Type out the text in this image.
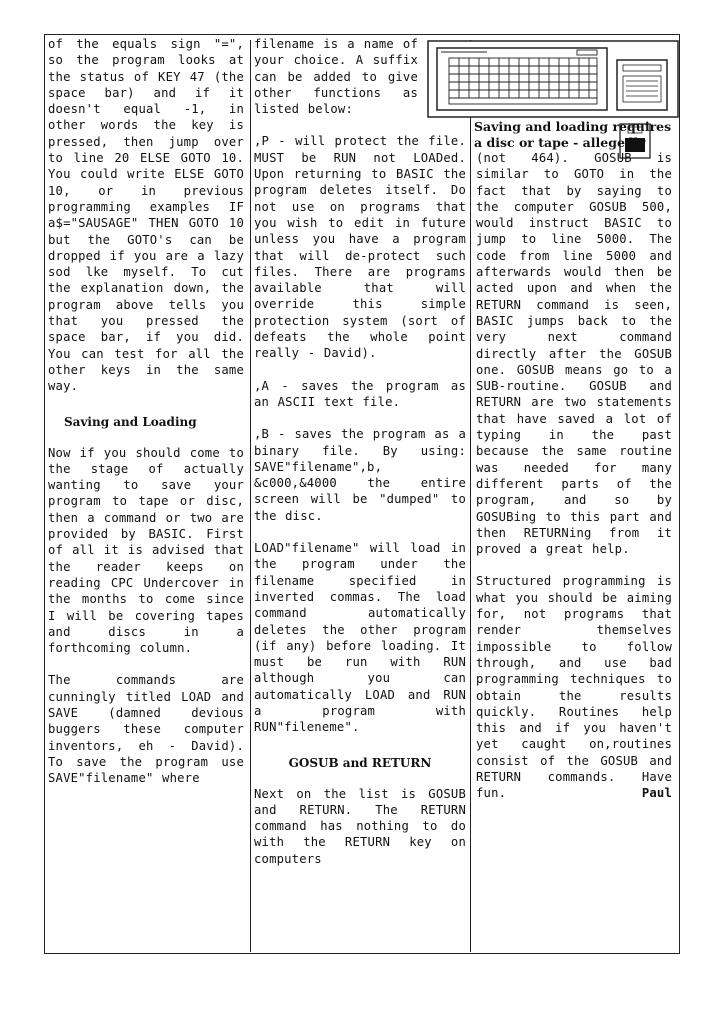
Saving and loading requires a disc or tape - allegedly

of the equals sign "=", so the program looks at the status of KEY 47 (the space bar) and if it doesn't equal -1, in other words the key is pressed, then jump over to line 20 ELSE GOTO 10. You could write ELSE GOTO 10, or in previous programming examples IF a$="SAUSAGE" THEN GOTO 10 but the GOTO's can be dropped if you are a lazy sod lke myself. To cut the explanation down, the program above tells you that you pressed the space bar, if you did. You can test for all the other keys in the same way.

Saving and Loading

Now if you should come to the stage of actually wanting to save your program to tape or disc, then a command or two are provided by BASIC. First of all it is advised that the reader keeps on reading CPC Undercover in the months to come since I will be covering tapes and discs in a forthcoming column.

The commands are cunningly titled LOAD and SAVE (damned devious buggers these computer inventors, eh - David). To save the program use SAVE"filename" where

filename is a name of your choice. A suffix can be added to give other functions as listed below:

,P - will protect the file. MUST be RUN not LOADed. Upon returning to BASIC the program deletes itself. Do not use on programs that you wish to edit in future unless you have a program that will de-protect such files. There are programs available that will override this simple protection system (sort of defeats the whole point really - David).

,A - saves the program as an ASCII text file.

,B - saves the program as a binary file. By using: SAVE"filename",b, &c000,&4000 the entire screen will be "dumped" to the disc.

LOAD"filename" will load in the program under the filename specified in inverted commas. The load command automatically deletes the other program (if any) before loading. It must be run with RUN although you can automatically LOAD and RUN a program with RUN"fileneme".

GOSUB and RETURN

Next on the list is GOSUB and RETURN. The RETURN command has nothing to do with the RETURN key on computers

(not 464). GOSUB is similar to GOTO in the fact that by saying to the computer GOSUB 500, would instruct BASIC to jump to line 5000. The code from line 5000 and afterwards would then be acted upon and when the RETURN command is seen, BASIC jumps back to the very next command directly after the GOSUB one. GOSUB means go to a SUB-routine. GOSUB and RETURN are two statements that have saved a lot of typing in the past because the same routine was needed for many different parts of the program, and so by GOSUBing to this part and then RETURNing from it proved a great help.

Structured programming is what you should be aiming for, not programs that render themselves impossible to follow through, and use bad programming techniques to obtain the results quickly. Routines help this and if you haven't yet caught on,routines consist of the GOSUB and RETURN commands. Have fun.	Paul
